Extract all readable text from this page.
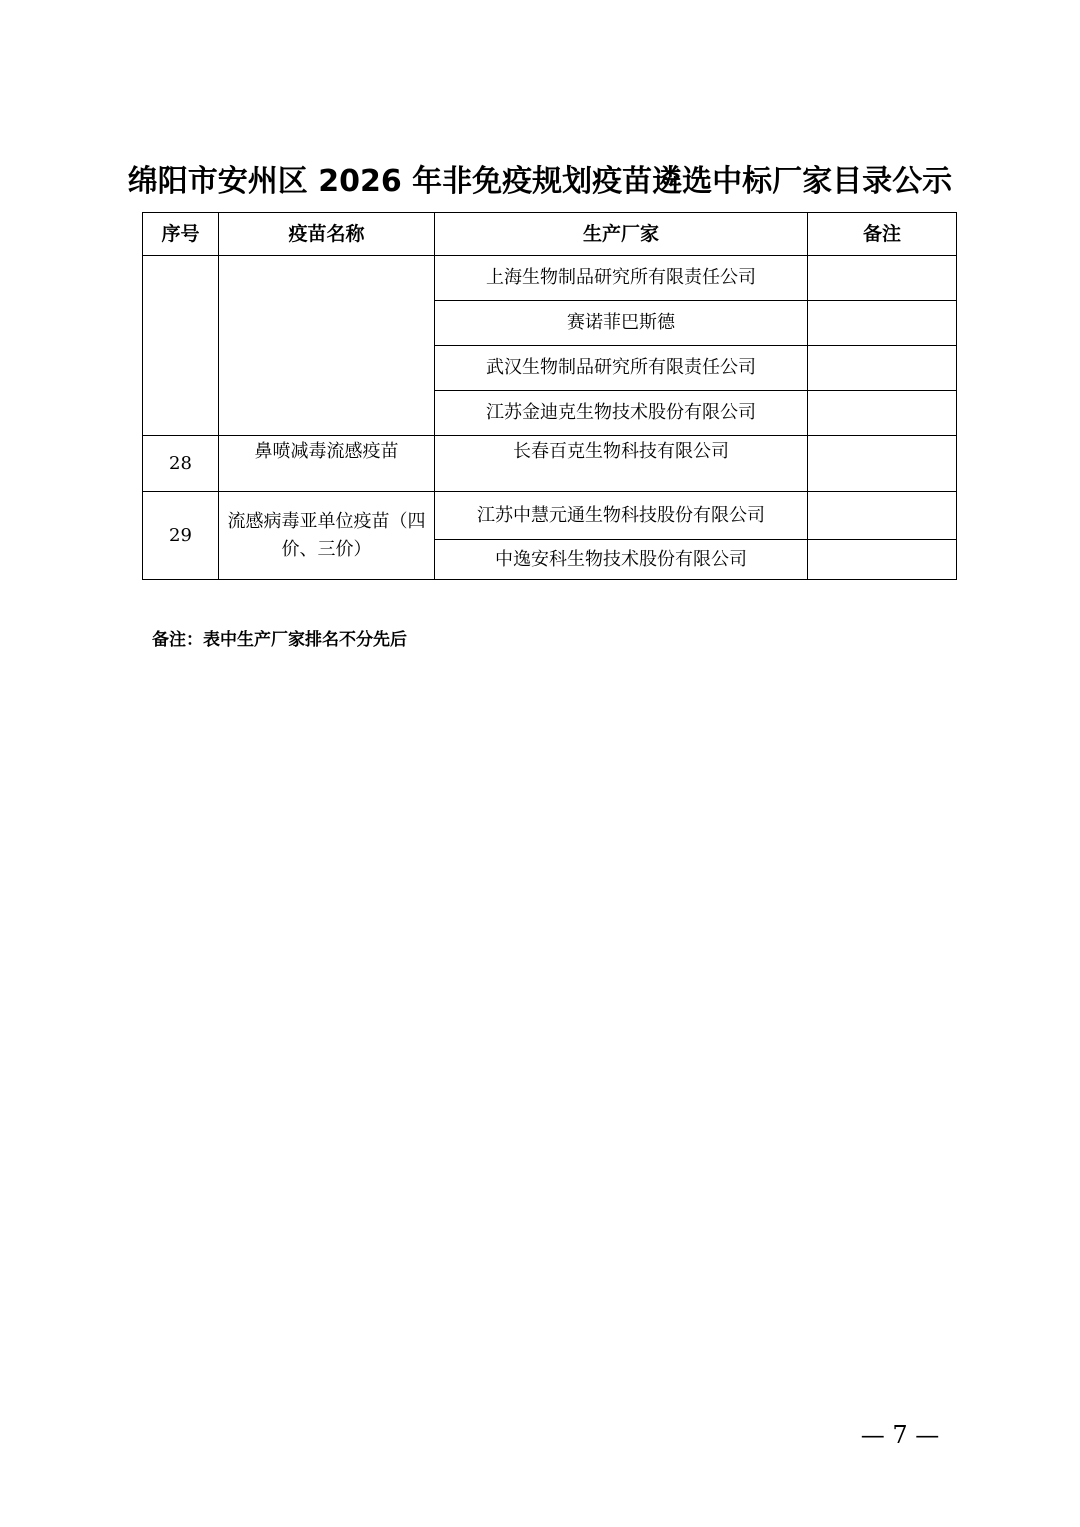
绵阳市安州区 2026 年非免疫规划疫苗遴选中标厂家目录公示
序号	疫苗名称	生产厂家	备注
		上海生物制品研究所有限责任公司	
		赛诺菲巴斯德	
		武汉生物制品研究所有限责任公司	
		江苏金迪克生物技术股份有限公司	
28	鼻喷减毒流感疫苗	长春百克生物科技有限公司	
29	流感病毒亚单位疫苗（四价、三价）	江苏中慧元通生物科技股份有限公司	
		中逸安科生物技术股份有限公司	
备注：表中生产厂家排名不分先后
— 7 —
